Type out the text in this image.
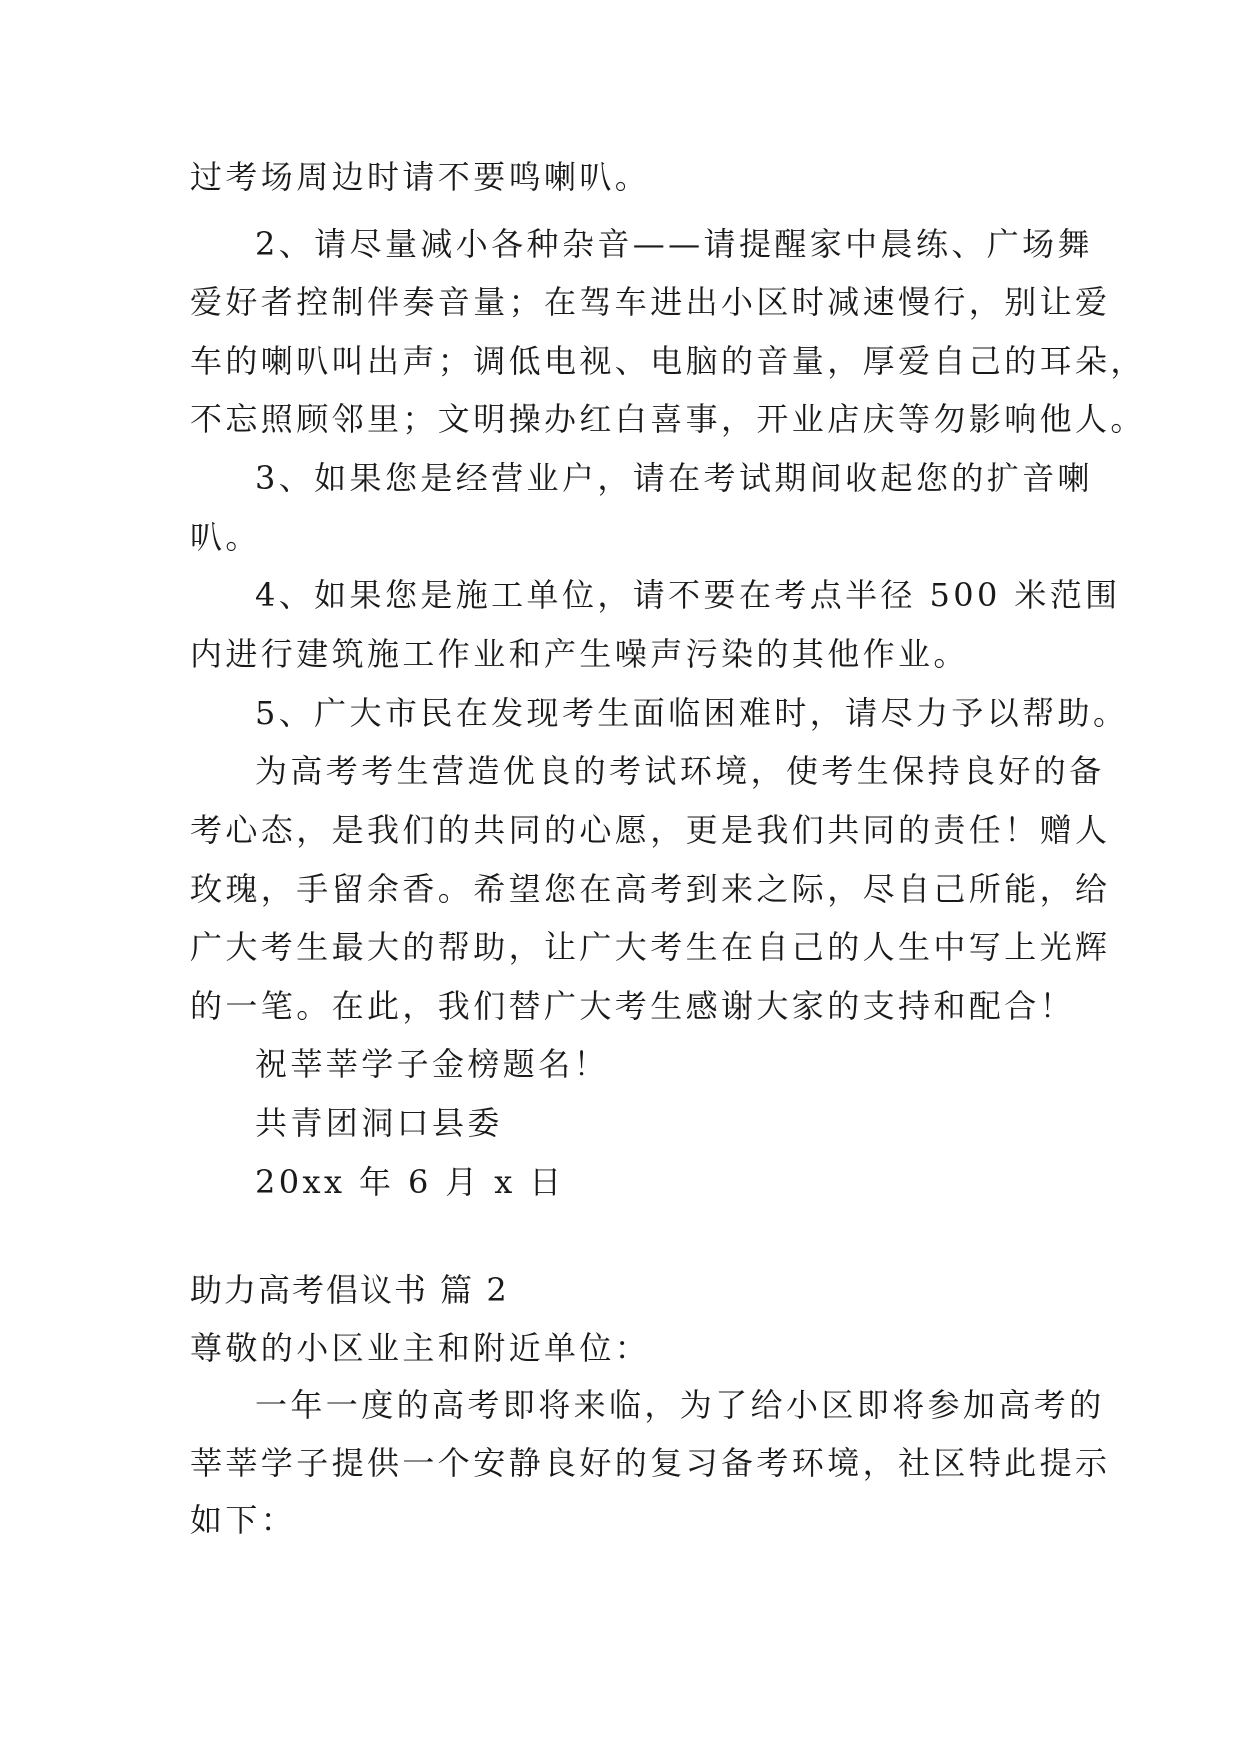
过考场周边时请不要鸣喇叭。
2、请尽量减小各种杂音——请提醒家中晨练、广场舞
爱好者控制伴奏音量；在驾车进出小区时减速慢行，别让爱
车的喇叭叫出声；调低电视、电脑的音量，厚爱自己的耳朵，
不忘照顾邻里；文明操办红白喜事，开业店庆等勿影响他人。
3、如果您是经营业户，请在考试期间收起您的扩音喇
叭。
4、如果您是施工单位，请不要在考点半径 500 米范围
内进行建筑施工作业和产生噪声污染的其他作业。
5、广大市民在发现考生面临困难时，请尽力予以帮助。
为高考考生营造优良的考试环境，使考生保持良好的备
考心态，是我们的共同的心愿，更是我们共同的责任！赠人
玫瑰，手留余香。希望您在高考到来之际，尽自己所能，给
广大考生最大的帮助，让广大考生在自己的人生中写上光辉
的一笔。在此，我们替广大考生感谢大家的支持和配合！
祝莘莘学子金榜题名！
共青团洞口县委
20xx 年 6 月 x 日
助力高考倡议书 篇 2
尊敬的小区业主和附近单位：
一年一度的高考即将来临，为了给小区即将参加高考的
莘莘学子提供一个安静良好的复习备考环境，社区特此提示
如下：
